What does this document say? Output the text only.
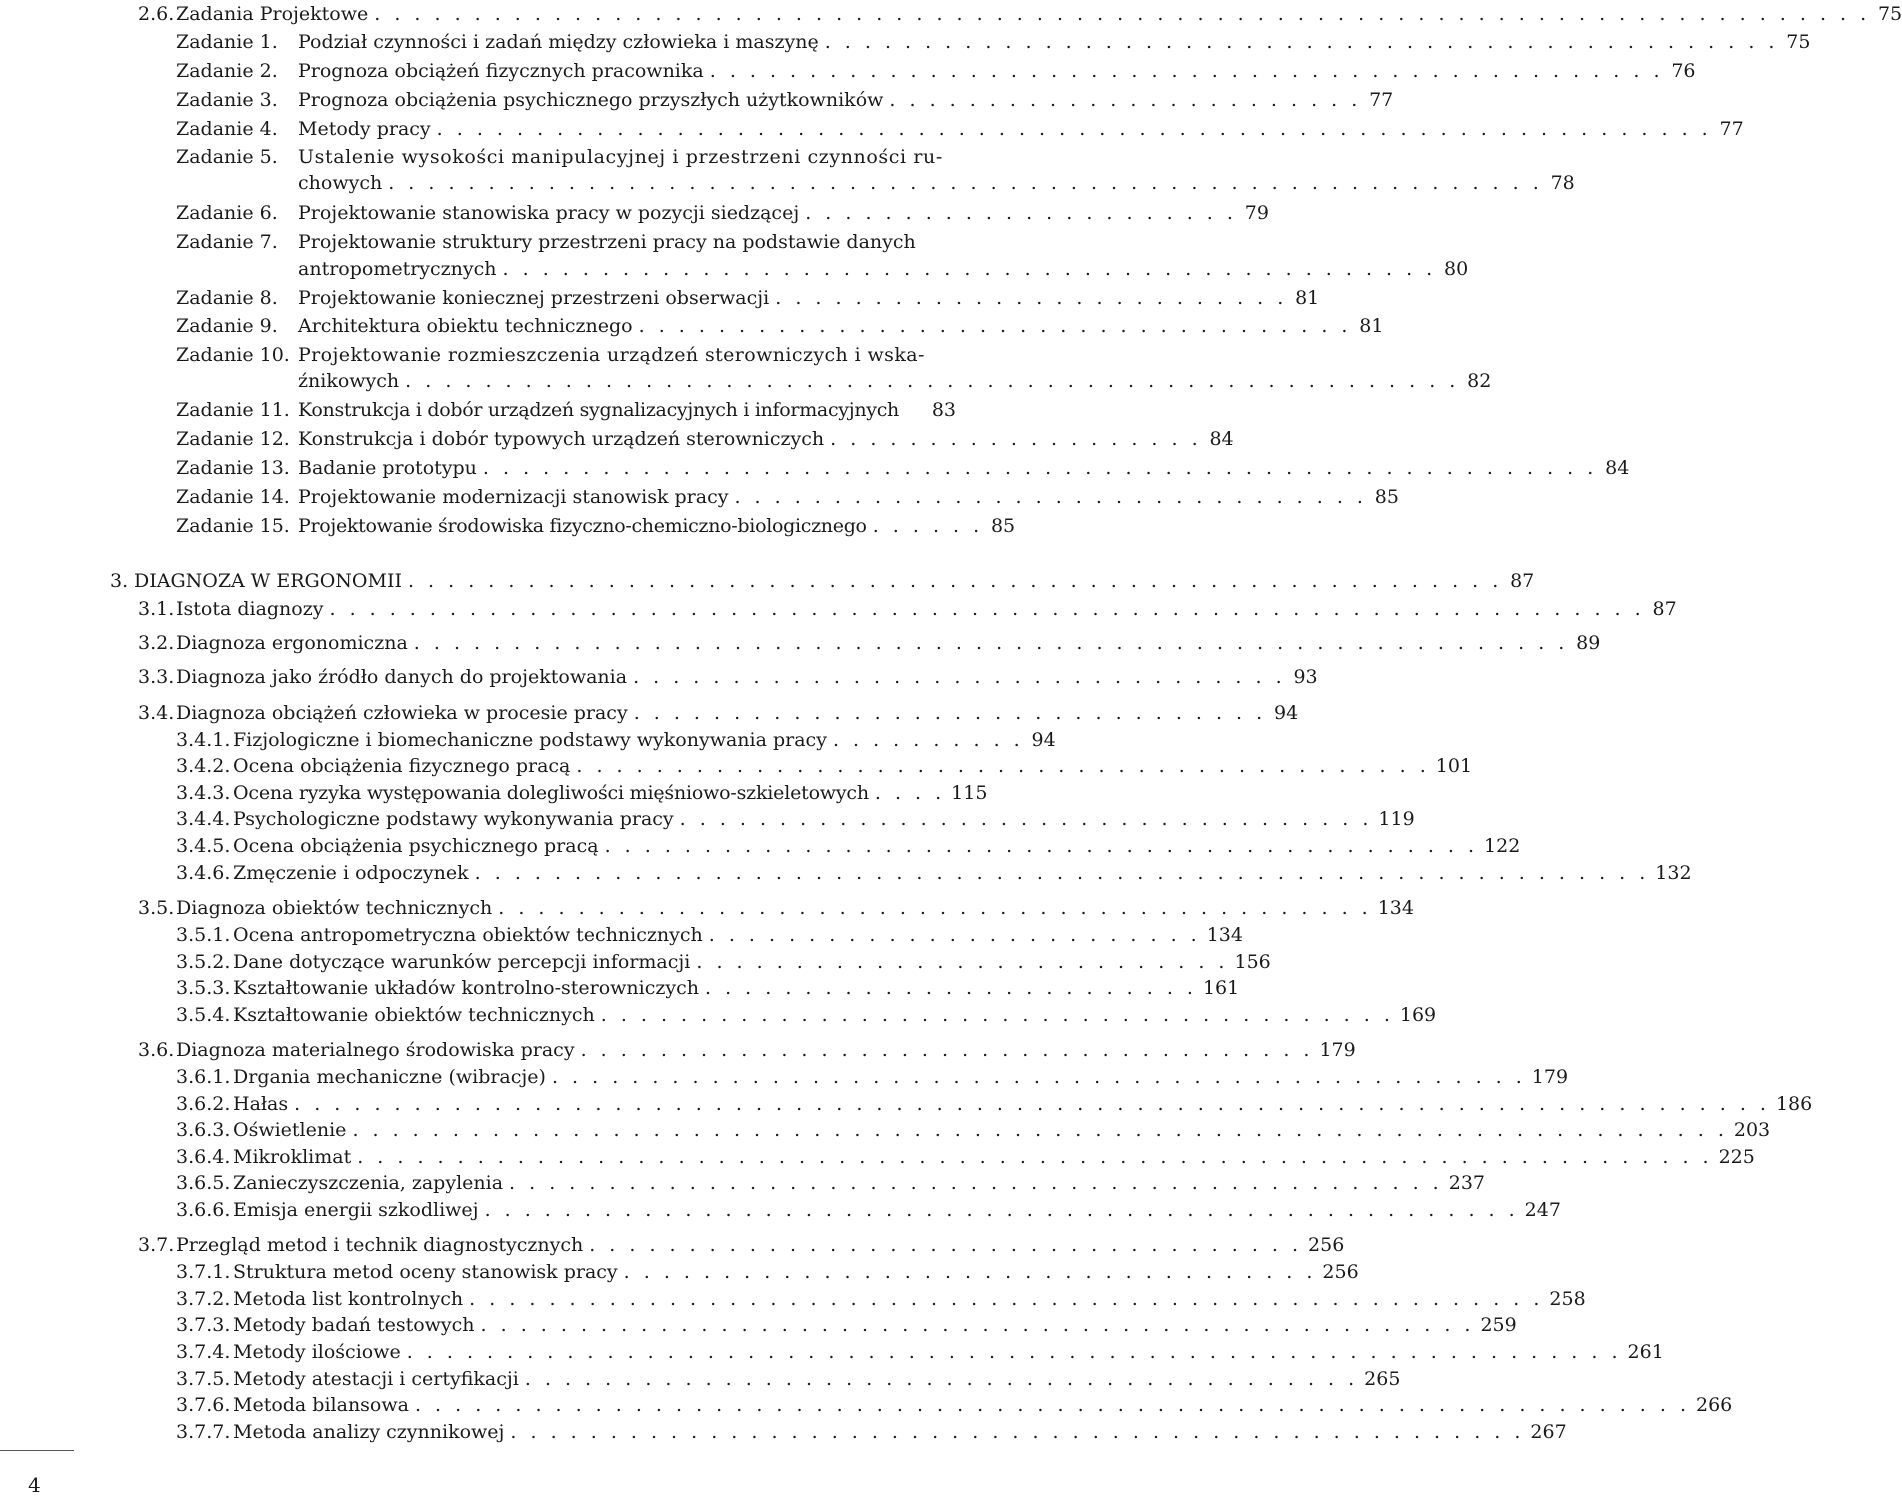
2.6. Zadania Projektowe . . . . . . . . . . . . . . . . . . . . . . . . . . . . . . . . . . . . . . . . . . . . . . . . . . . . . . . . . . . . . . . . . . . . . . . . . . . 75
Zadanie 1.	Podział czynności i zadań między człowieka i maszynę . . . . . . . . . . . . . . . . . . . . . . . . . . . . . . . . . . . . . . . . . . . . . . . . 75
Zadanie 2.	Prognoza obciążeń fizycznych pracownika . . . . . . . . . . . . . . . . . . . . . . . . . . . . . . . . . . . . . . . . . . . . . . . . 76
Zadanie 3.	Prognoza obciążenia psychicznego przyszłych użytkowników . . . . . . . . . . . . . . . . . . . . . . . . 77
Zadanie 4.	Metody pracy . . . . . . . . . . . . . . . . . . . . . . . . . . . . . . . . . . . . . . . . . . . . . . . . . . . . . . . . . . . . . . . . 77
Zadanie 5. Ustalenie wysokości manipulacyjnej i przestrzeni czynności ru-
chowych . . . . . . . . . . . . . . . . . . . . . . . . . . . . . . . . . . . . . . . . . . . . . . . . . . . . . . . . . . 78
Zadanie 6.	Projektowanie stanowiska pracy w pozycji siedzącej . . . . . . . . . . . . . . . . . . . . . . 79
Zadanie 7. Projektowanie struktury przestrzeni pracy na podstawie danych
antropometrycznych . . . . . . . . . . . . . . . . . . . . . . . . . . . . . . . . . . . . . . . . . . . . . . . 80
Zadanie 8.	Projektowanie koniecznej przestrzeni obserwacji . . . . . . . . . . . . . . . . . . . . . . . . . . 81
Zadanie 9.	Architektura obiektu technicznego . . . . . . . . . . . . . . . . . . . . . . . . . . . . . . . . . . . . 81
Zadanie 10. Projektowanie rozmieszczenia urządzeń sterowniczych i wska-
źnikowych . . . . . . . . . . . . . . . . . . . . . . . . . . . . . . . . . . . . . . . . . . . . . . . . . . . . . 82
Zadanie 11. Konstrukcja i dobór urządzeń sygnalizacyjnych i informacyjnych 83
Zadanie 12. Konstrukcja i dobór typowych urządzeń sterowniczych . . . . . . . . . . . . . . . . . . . 84
Zadanie 13. Badanie prototypu . . . . . . . . . . . . . . . . . . . . . . . . . . . . . . . . . . . . . . . . . . . . . . . . . . . . . . . . 84
Zadanie 14. Projektowanie modernizacji stanowisk pracy . . . . . . . . . . . . . . . . . . . . . . . . . . . . . . . . 85
Zadanie 15. Projektowanie środowiska fizyczno-chemiczno-biologicznego . . . . . . 85
3. DIAGNOZA W ERGONOMII . . . . . . . . . . . . . . . . . . . . . . . . . . . . . . . . . . . . . . . . . . . . . . . . . . . . . . . 87
3.1. Istota diagnozy . . . . . . . . . . . . . . . . . . . . . . . . . . . . . . . . . . . . . . . . . . . . . . . . . . . . . . . . . . . . . . . . . . 87
3.2. Diagnoza ergonomiczna . . . . . . . . . . . . . . . . . . . . . . . . . . . . . . . . . . . . . . . . . . . . . . . . . . . . . . . . . . 89
3.3. Diagnoza jako źródło danych do projektowania . . . . . . . . . . . . . . . . . . . . . . . . . . . . . . . . . 93
3.4. Diagnoza obciążeń człowieka w procesie pracy . . . . . . . . . . . . . . . . . . . . . . . . . . . . . . . . 94
3.4.1. Fizjologiczne i biomechaniczne podstawy wykonywania pracy . . . . . . . . . . 94
3.4.2. Ocena obciążenia fizycznego pracą . . . . . . . . . . . . . . . . . . . . . . . . . . . . . . . . . . . . . . . . . . . 101
3.4.3. Ocena ryzyka występowania dolegliwości mięśniowo-szkieletowych . . . . 115
3.4.4. Psychologiczne podstawy wykonywania pracy . . . . . . . . . . . . . . . . . . . . . . . . . . . . . . . . . . . 119
3.4.5. Ocena obciążenia psychicznego pracą . . . . . . . . . . . . . . . . . . . . . . . . . . . . . . . . . . . . . . . . . . . . 122
3.4.6. Zmęczenie i odpoczynek . . . . . . . . . . . . . . . . . . . . . . . . . . . . . . . . . . . . . . . . . . . . . . . . . . . . . . . . . . . 132
3.5. Diagnoza obiektów technicznych . . . . . . . . . . . . . . . . . . . . . . . . . . . . . . . . . . . . . . . . . . . . 134
3.5.1. Ocena antropometryczna obiektów technicznych . . . . . . . . . . . . . . . . . . . . . . . . . 134
3.5.2. Dane dotyczące warunków percepcji informacji . . . . . . . . . . . . . . . . . . . . . . . . . . . 156
3.5.3. Kształtowanie układów kontrolno-sterowniczych . . . . . . . . . . . . . . . . . . . . . . . . . 161
3.5.4. Kształtowanie obiektów technicznych . . . . . . . . . . . . . . . . . . . . . . . . . . . . . . . . . . . . . . . . 169
3.6. Diagnoza materialnego środowiska pracy . . . . . . . . . . . . . . . . . . . . . . . . . . . . . . . . . . . . . 179
3.6.1. Drgania mechaniczne (wibracje) . . . . . . . . . . . . . . . . . . . . . . . . . . . . . . . . . . . . . . . . . . . . . . . . . 179
3.6.2. Hałas . . . . . . . . . . . . . . . . . . . . . . . . . . . . . . . . . . . . . . . . . . . . . . . . . . . . . . . . . . . . . . . . . . . . . . . . . . 186
3.6.3. Oświetlenie . . . . . . . . . . . . . . . . . . . . . . . . . . . . . . . . . . . . . . . . . . . . . . . . . . . . . . . . . . . . . . . . . . . . . 203
3.6.4. Mikroklimat . . . . . . . . . . . . . . . . . . . . . . . . . . . . . . . . . . . . . . . . . . . . . . . . . . . . . . . . . . . . . . . . . . . . 225
3.6.5. Zanieczyszczenia, zapylenia . . . . . . . . . . . . . . . . . . . . . . . . . . . . . . . . . . . . . . . . . . . . . . . 237
3.6.6. Emisja energii szkodliwej . . . . . . . . . . . . . . . . . . . . . . . . . . . . . . . . . . . . . . . . . . . . . . . . . . . . 247
3.7. Przegląd metod i technik diagnostycznych . . . . . . . . . . . . . . . . . . . . . . . . . . . . . . . . . . . . 256
3.7.1. Struktura metod oceny stanowisk pracy . . . . . . . . . . . . . . . . . . . . . . . . . . . . . . . . . . . 256
3.7.2. Metoda list kontrolnych . . . . . . . . . . . . . . . . . . . . . . . . . . . . . . . . . . . . . . . . . . . . . . . . . . . . . . 258
3.7.3. Metody badań testowych . . . . . . . . . . . . . . . . . . . . . . . . . . . . . . . . . . . . . . . . . . . . . . . . . . 259
3.7.4. Metody ilościowe . . . . . . . . . . . . . . . . . . . . . . . . . . . . . . . . . . . . . . . . . . . . . . . . . . . . . . . . . . . . . 261
3.7.5. Metody atestacji i certyfikacji . . . . . . . . . . . . . . . . . . . . . . . . . . . . . . . . . . . . . . . . . . 265
3.7.6. Metoda bilansowa . . . . . . . . . . . . . . . . . . . . . . . . . . . . . . . . . . . . . . . . . . . . . . . . . . . . . . . . . . . . . . . . 266
3.7.7. Metoda analizy czynnikowej . . . . . . . . . . . . . . . . . . . . . . . . . . . . . . . . . . . . . . . . . . . . . . . . . . . 267
4
